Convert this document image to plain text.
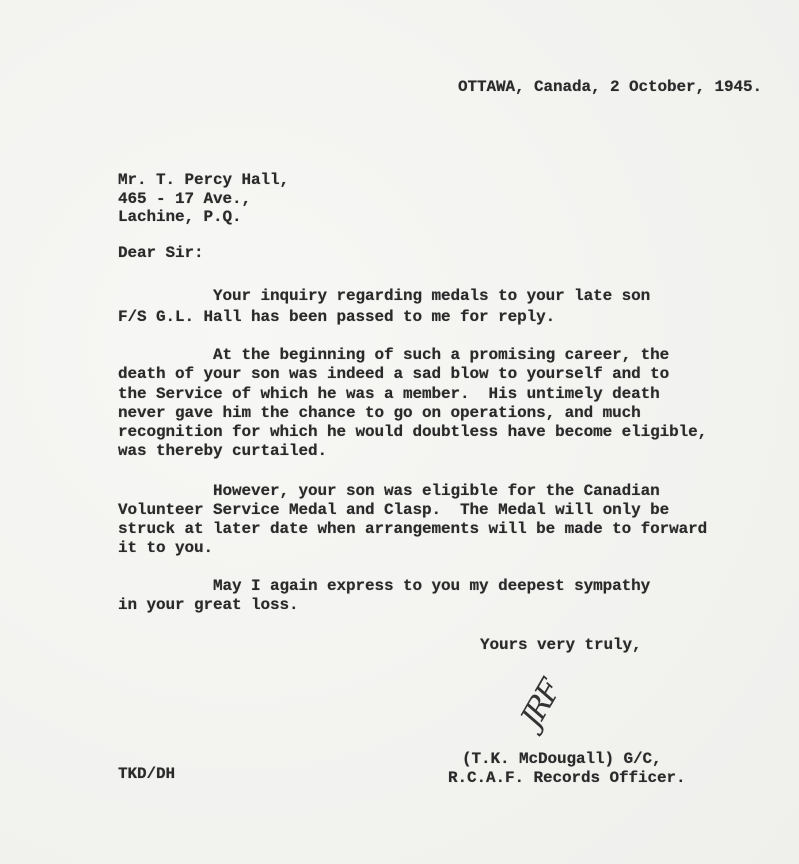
OTTAWA, Canada, 2 October, 1945.
Mr. T. Percy Hall,
465 - 17 Ave.,
Lachine, P.Q.
Dear Sir:
Your inquiry regarding medals to your late son
F/S G.L. Hall has been passed to me for reply.
At the beginning of such a promising career, the
death of your son was indeed a sad blow to yourself and to
the Service of which he was a member.  His untimely death
never gave him the chance to go on operations, and much
recognition for which he would doubtless have become eligible,
was thereby curtailed.
However, your son was eligible for the Canadian
Volunteer Service Medal and Clasp.  The Medal will only be
struck at later date when arrangements will be made to forward
it to you.
May I again express to you my deepest sympathy
in your great loss.
Yours very truly,
JRF
(T.K. McDougall) G/C,
R.C.A.F. Records Officer.
TKD/DH
